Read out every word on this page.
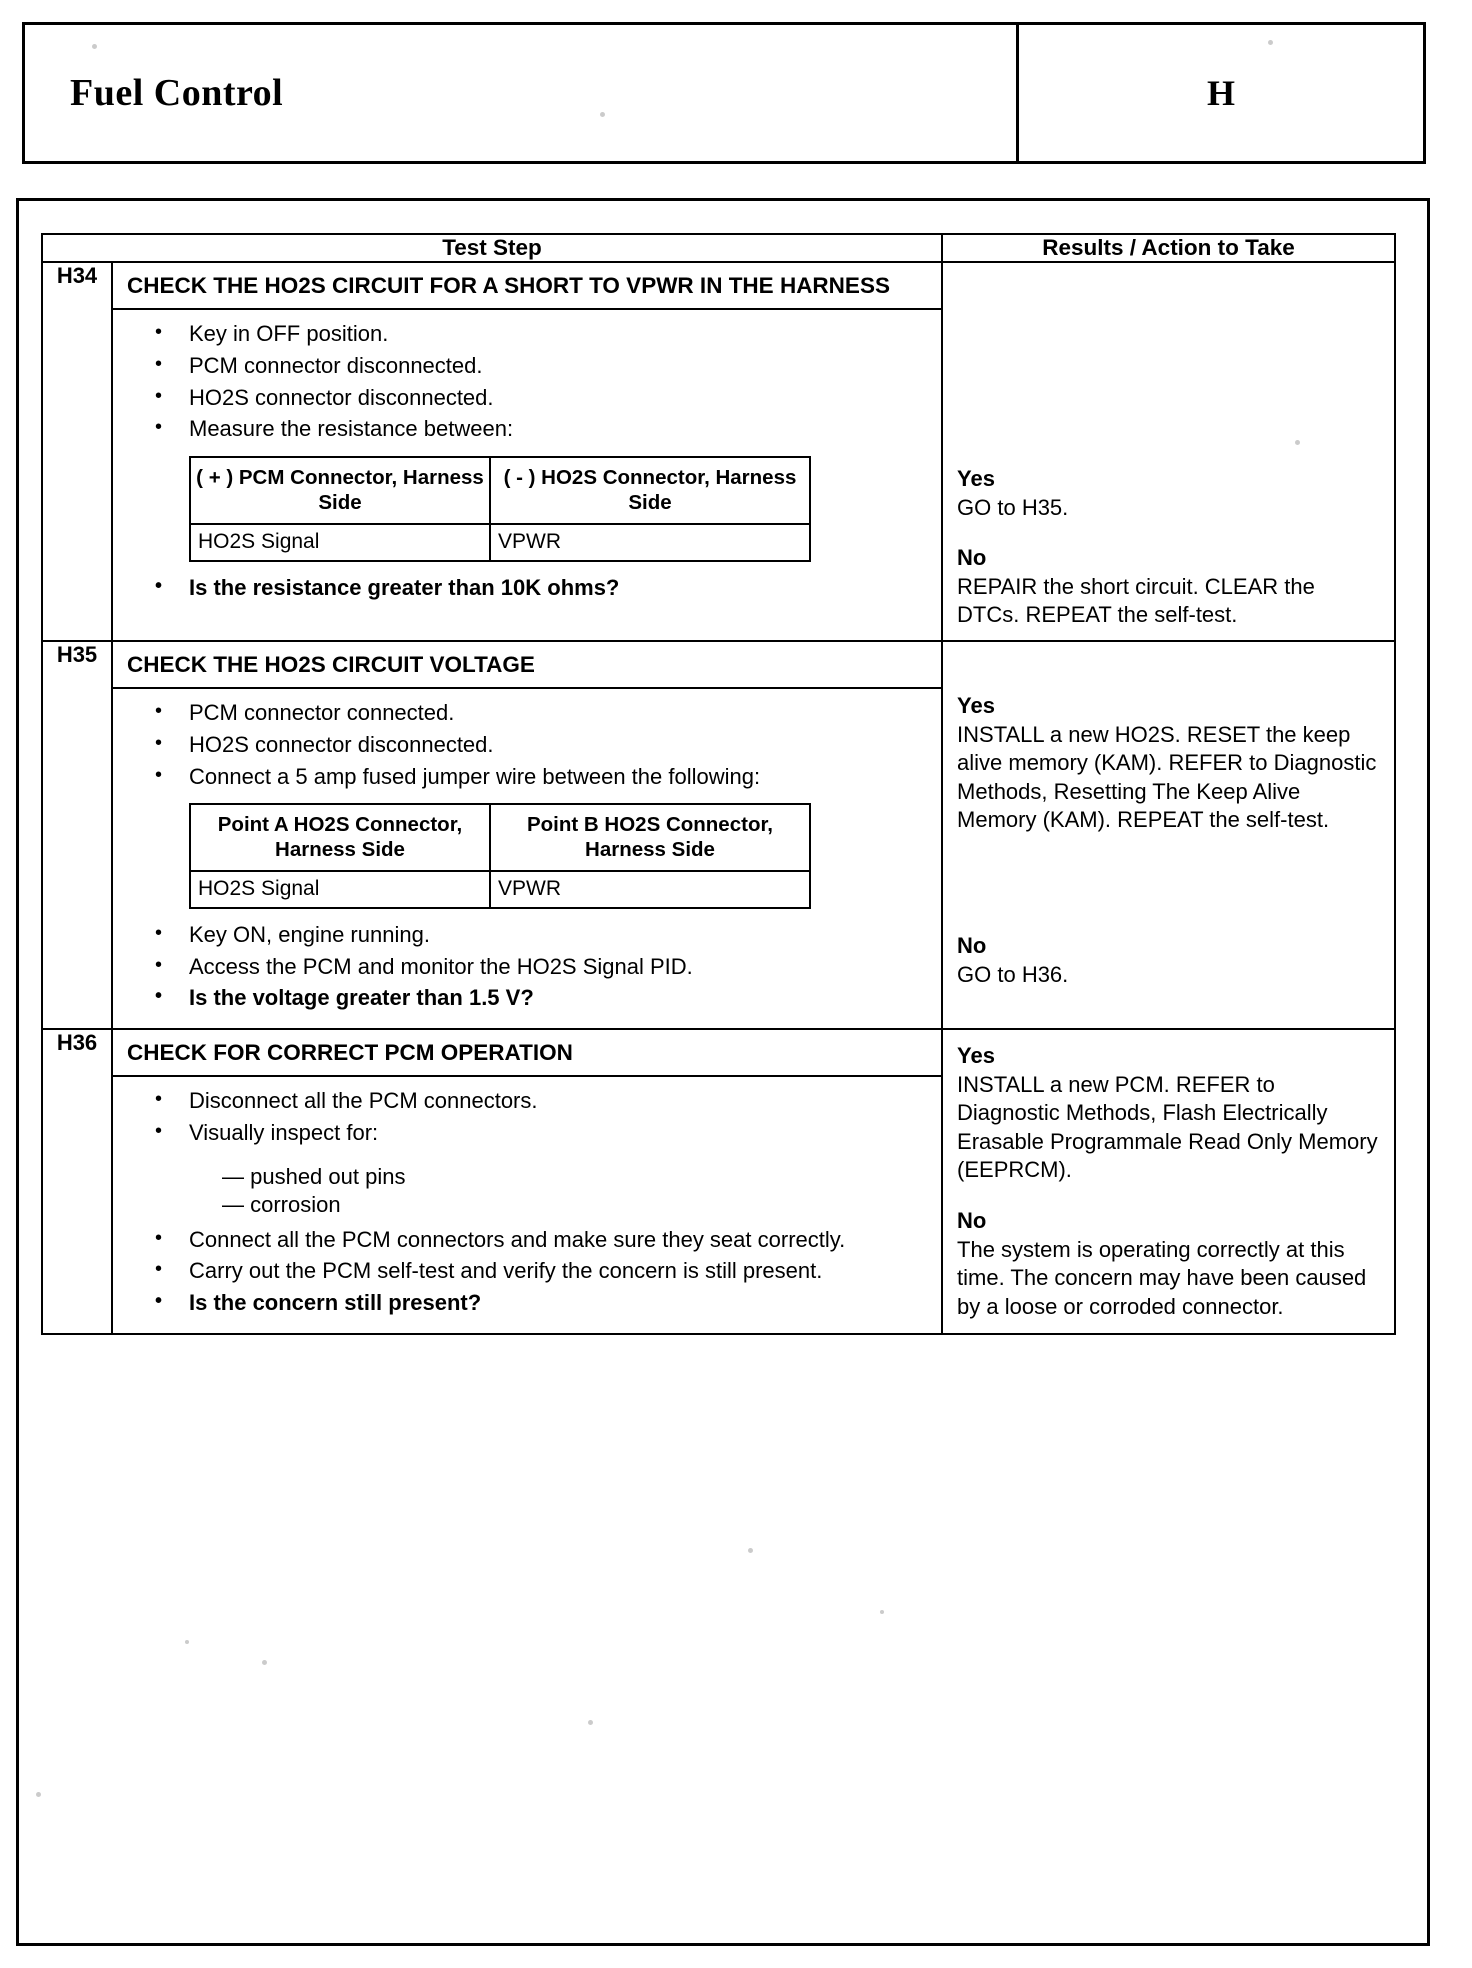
Fuel Control	H
Test Step	Results / Action to Take
H34	CHECK THE HO2S CIRCUIT FOR A SHORT TO VPWR IN THE HARNESS
• Key in OFF position.
• PCM connector disconnected.
• HO2S connector disconnected.
• Measure the resistance between:
( + ) PCM Connector, Harness Side	( - ) HO2S Connector, Harness Side
HO2S Signal	VPWR
• Is the resistance greater than 10K ohms?

Yes

GO to H35.

No

REPAIR the short circuit. CLEAR the DTCs. REPEAT the self-test.

H35	CHECK THE HO2S CIRCUIT VOLTAGE
• PCM connector connected.
• HO2S connector disconnected.
• Connect a 5 amp fused jumper wire between the following:
Point A HO2S Connector, Harness Side	Point B HO2S Connector, Harness Side
HO2S Signal	VPWR
• Key ON, engine running.
• Access the PCM and monitor the HO2S Signal PID.
• Is the voltage greater than 1.5 V?

Yes

INSTALL a new HO2S. RESET the keep alive memory (KAM). REFER to Diagnostic Methods, Resetting The Keep Alive Memory (KAM). REPEAT the self-test.

No

GO to H36.

H36	CHECK FOR CORRECT PCM OPERATION
• Disconnect all the PCM connectors.
• Visually inspect for:
— pushed out pins
— corrosion
• Connect all the PCM connectors and make sure they seat correctly.
• Carry out the PCM self-test and verify the concern is still present.
• Is the concern still present?

Yes

INSTALL a new PCM. REFER to Diagnostic Methods, Flash Electrically Erasable Programmale Read Only Memory (EEPRCM).

No

The system is operating correctly at this time. The concern may have been caused by a loose or corroded connector.
